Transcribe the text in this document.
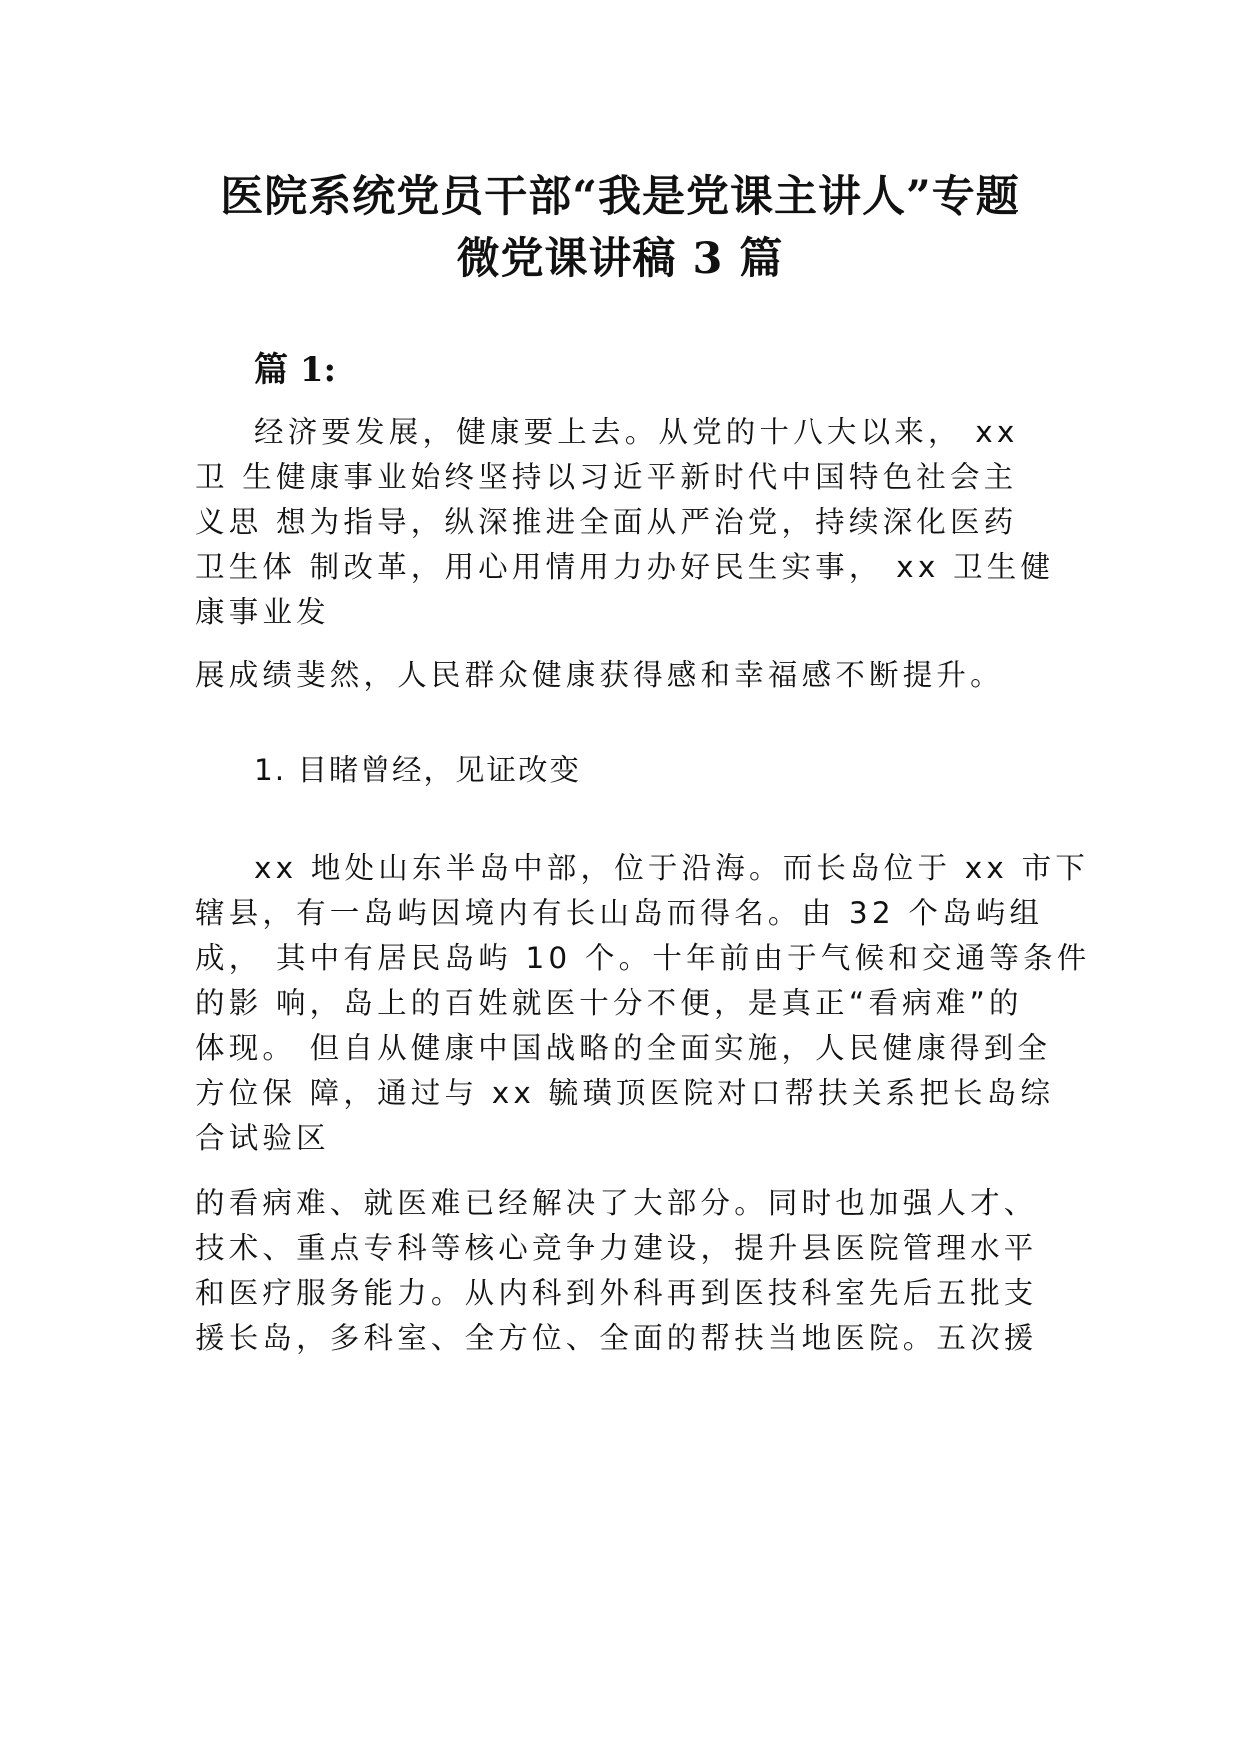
医院系统党员干部“我是党课主讲人”专题
微党课讲稿 3 篇
篇 1:
经济要发展，健康要上去。从党的十八大以来， xx
卫 生健康事业始终坚持以习近平新时代中国特色社会主
义思 想为指导，纵深推进全面从严治党，持续深化医药
卫生体 制改革，用心用情用力办好民生实事， xx 卫生健
康事业发
展成绩斐然，人民群众健康获得感和幸福感不断提升。
1. 目睹曾经，见证改变
xx 地处山东半岛中部，位于沿海。而长岛位于 xx 市下
辖县，有一岛屿因境内有长山岛而得名。由 32 个岛屿组
成， 其中有居民岛屿 10 个。十年前由于气候和交通等条件
的影 响，岛上的百姓就医十分不便，是真正“看病难”的
体现。 但自从健康中国战略的全面实施，人民健康得到全
方位保 障，通过与 xx 毓璜顶医院对口帮扶关系把长岛综
合试验区
的看病难、就医难已经解决了大部分。同时也加强人才、
技术、重点专科等核心竞争力建设，提升县医院管理水平
和医疗服务能力。从内科到外科再到医技科室先后五批支
援长岛，多科室、全方位、全面的帮扶当地医院。五次援
